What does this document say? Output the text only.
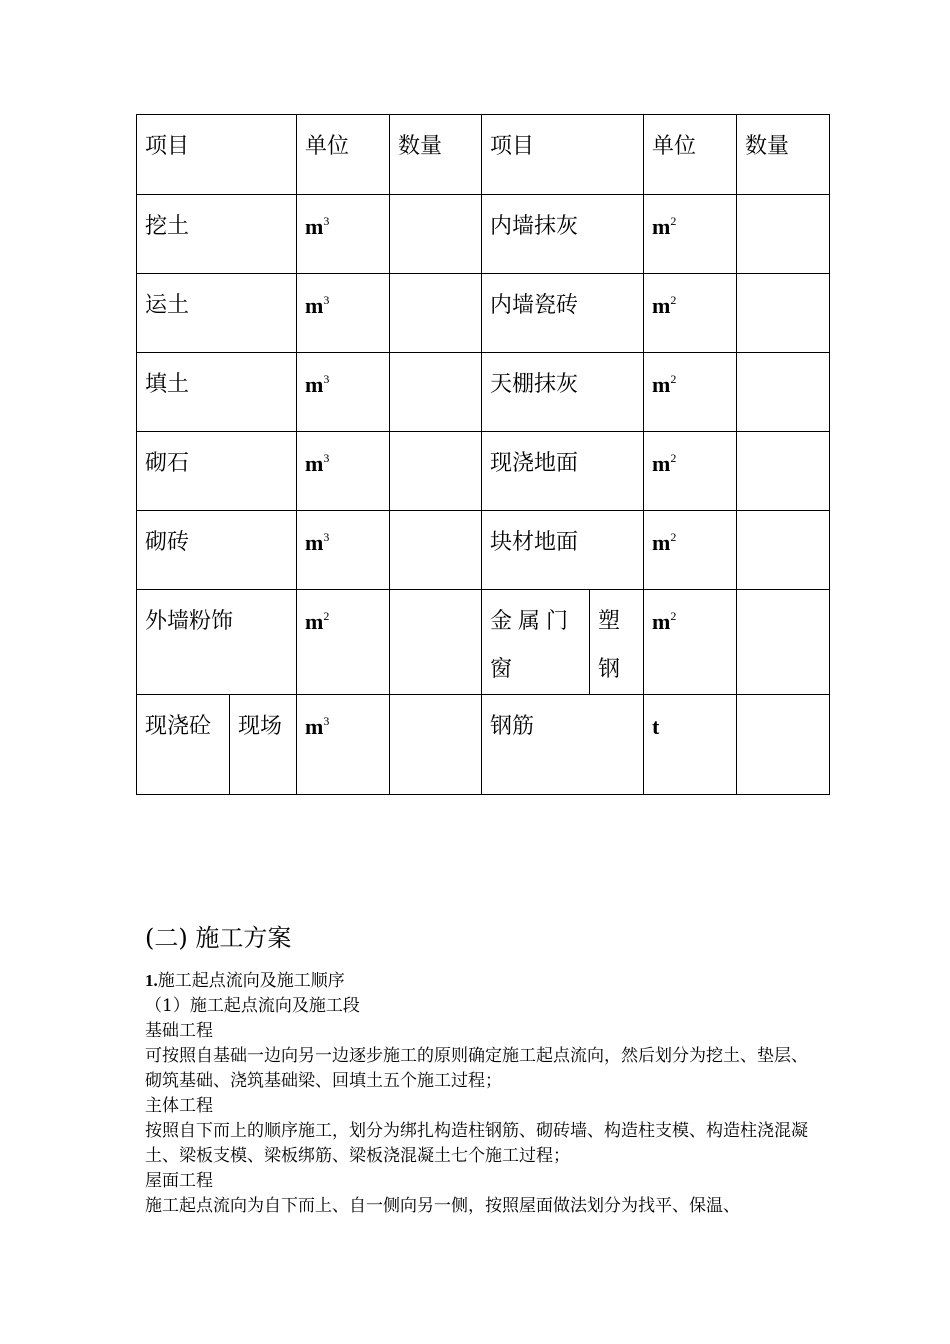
项目		单位	数量	项目		单位	数量
挖土		$m^3$		内墙抹灰		$m^2$	
运土		$m^3$		内墙瓷砖		$m^2$	
填土		$m^3$		天棚抹灰		$m^2$	
砌石		$m^3$		现浇地面		$m^2$	
砌砖		$m^3$		块材地面		$m^2$	
外墙粉饰		$m^2$		金属门窗	塑钢	$m^2$	
现浇砼	现场	$m^3$		钢筋		t	
(二) 施工方案

1.施工起点流向及施工顺序

（1）施工起点流向及施工段

基础工程

可按照自基础一边向另一边逐步施工的原则确定施工起点流向，然后划分为挖土、垫层、砌筑基础、浇筑基础梁、回填土五个施工过程；

主体工程

按照自下而上的顺序施工，划分为绑扎构造柱钢筋、砌砖墙、构造柱支模、构造柱浇混凝土、梁板支模、梁板绑筋、梁板浇混凝土七个施工过程；

屋面工程

施工起点流向为自下而上、自一侧向另一侧，按照屋面做法划分为找平、保温、
